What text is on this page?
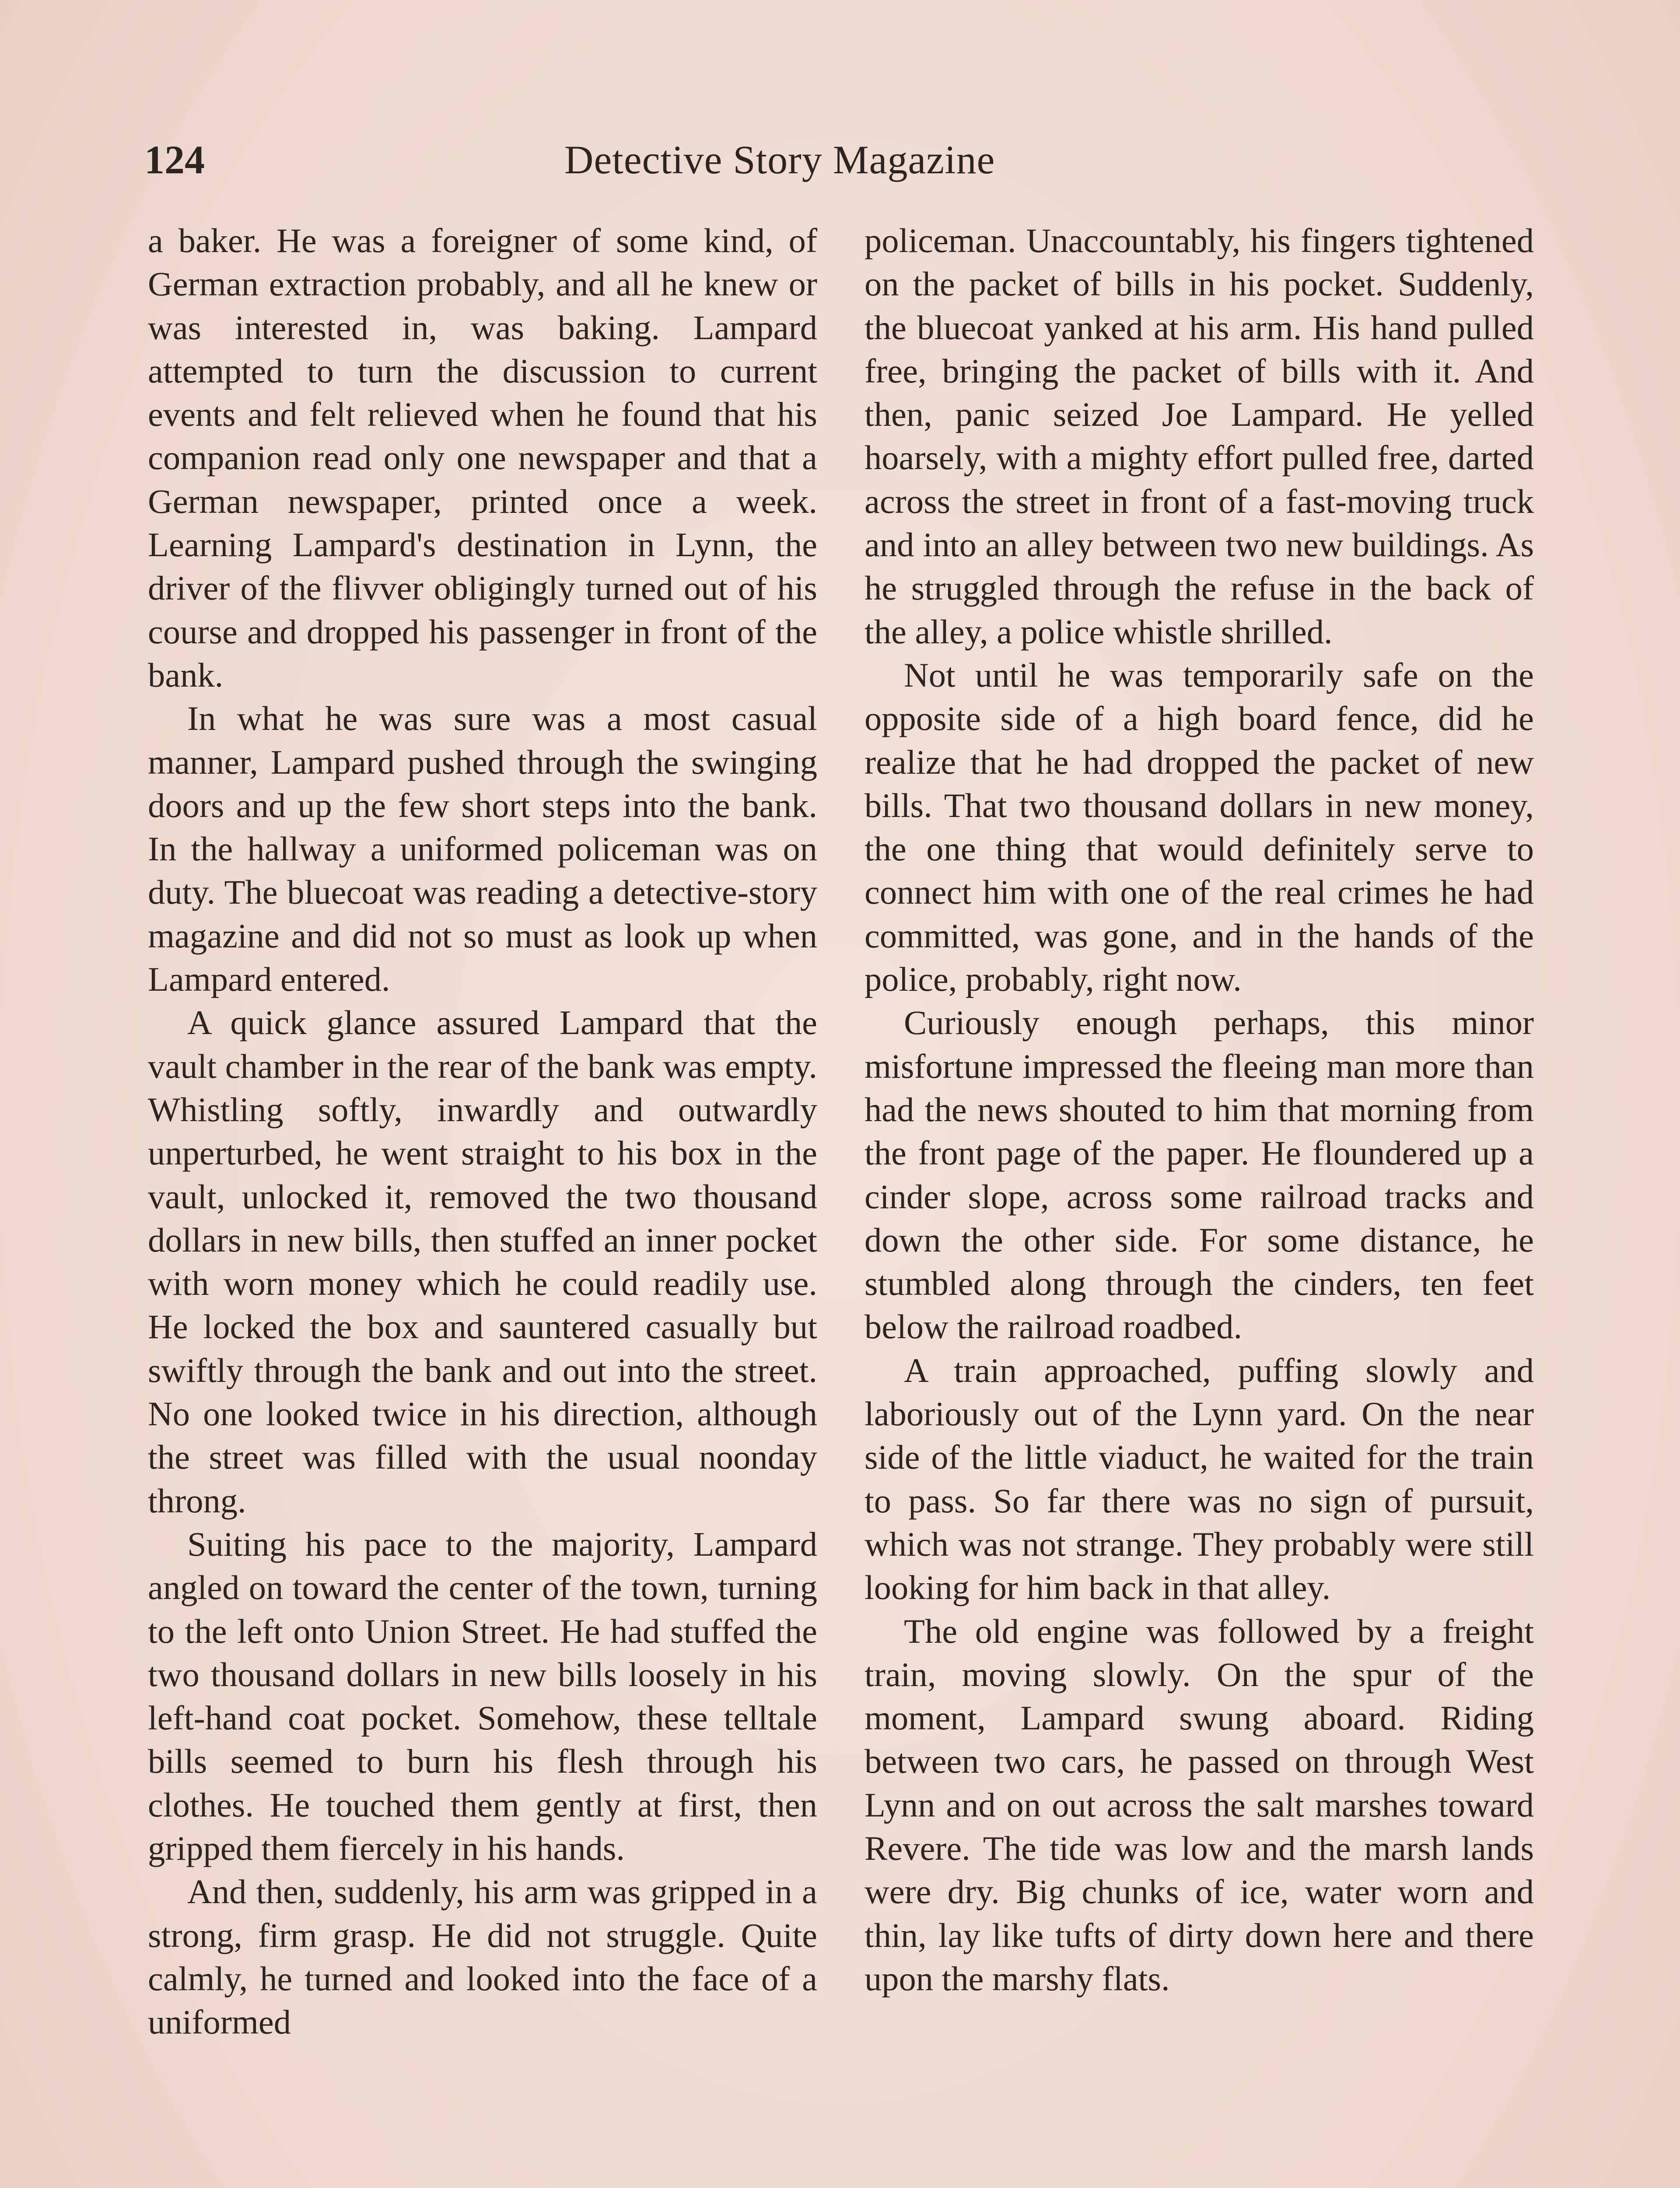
124	Detective Story Magazine

a baker. He was a foreigner of some kind, of German extraction probably, and all he knew or was interested in, was baking. Lampard attempted to turn the discussion to current events and felt relieved when he found that his companion read only one newspaper and that a German newspaper, printed once a week. Learning Lampard's destination in Lynn, the driver of the flivver obligingly turned out of his course and dropped his passenger in front of the bank.

In what he was sure was a most casual manner, Lampard pushed through the swinging doors and up the few short steps into the bank. In the hallway a uniformed policeman was on duty. The bluecoat was reading a detective-story magazine and did not so must as look up when Lampard entered.

A quick glance assured Lampard that the vault chamber in the rear of the bank was empty. Whistling softly, inwardly and outwardly unperturbed, he went straight to his box in the vault, unlocked it, removed the two thousand dollars in new bills, then stuffed an inner pocket with worn money which he could readily use. He locked the box and sauntered casually but swiftly through the bank and out into the street. No one looked twice in his direction, although the street was filled with the usual noonday throng.

Suiting his pace to the majority, Lampard angled on toward the center of the town, turning to the left onto Union Street. He had stuffed the two thousand dollars in new bills loosely in his left-hand coat pocket. Somehow, these telltale bills seemed to burn his flesh through his clothes. He touched them gently at first, then gripped them fiercely in his hands.

And then, suddenly, his arm was gripped in a strong, firm grasp. He did not struggle. Quite calmly, he turned and looked into the face of a uniformed

policeman. Unaccountably, his fingers tightened on the packet of bills in his pocket. Suddenly, the bluecoat yanked at his arm. His hand pulled free, bringing the packet of bills with it. And then, panic seized Joe Lampard. He yelled hoarsely, with a mighty effort pulled free, darted across the street in front of a fast-moving truck and into an alley between two new buildings. As he struggled through the refuse in the back of the alley, a police whistle shrilled.

Not until he was temporarily safe on the opposite side of a high board fence, did he realize that he had dropped the packet of new bills. That two thousand dollars in new money, the one thing that would definitely serve to connect him with one of the real crimes he had committed, was gone, and in the hands of the police, probably, right now.

Curiously enough perhaps, this minor misfortune impressed the fleeing man more than had the news shouted to him that morning from the front page of the paper. He floundered up a cinder slope, across some railroad tracks and down the other side. For some distance, he stumbled along through the cinders, ten feet below the railroad roadbed.

A train approached, puffing slowly and laboriously out of the Lynn yard. On the near side of the little viaduct, he waited for the train to pass. So far there was no sign of pursuit, which was not strange. They probably were still looking for him back in that alley.

The old engine was followed by a freight train, moving slowly. On the spur of the moment, Lampard swung aboard. Riding between two cars, he passed on through West Lynn and on out across the salt marshes toward Revere. The tide was low and the marsh lands were dry. Big chunks of ice, water worn and thin, lay like tufts of dirty down here and there upon the marshy flats.
